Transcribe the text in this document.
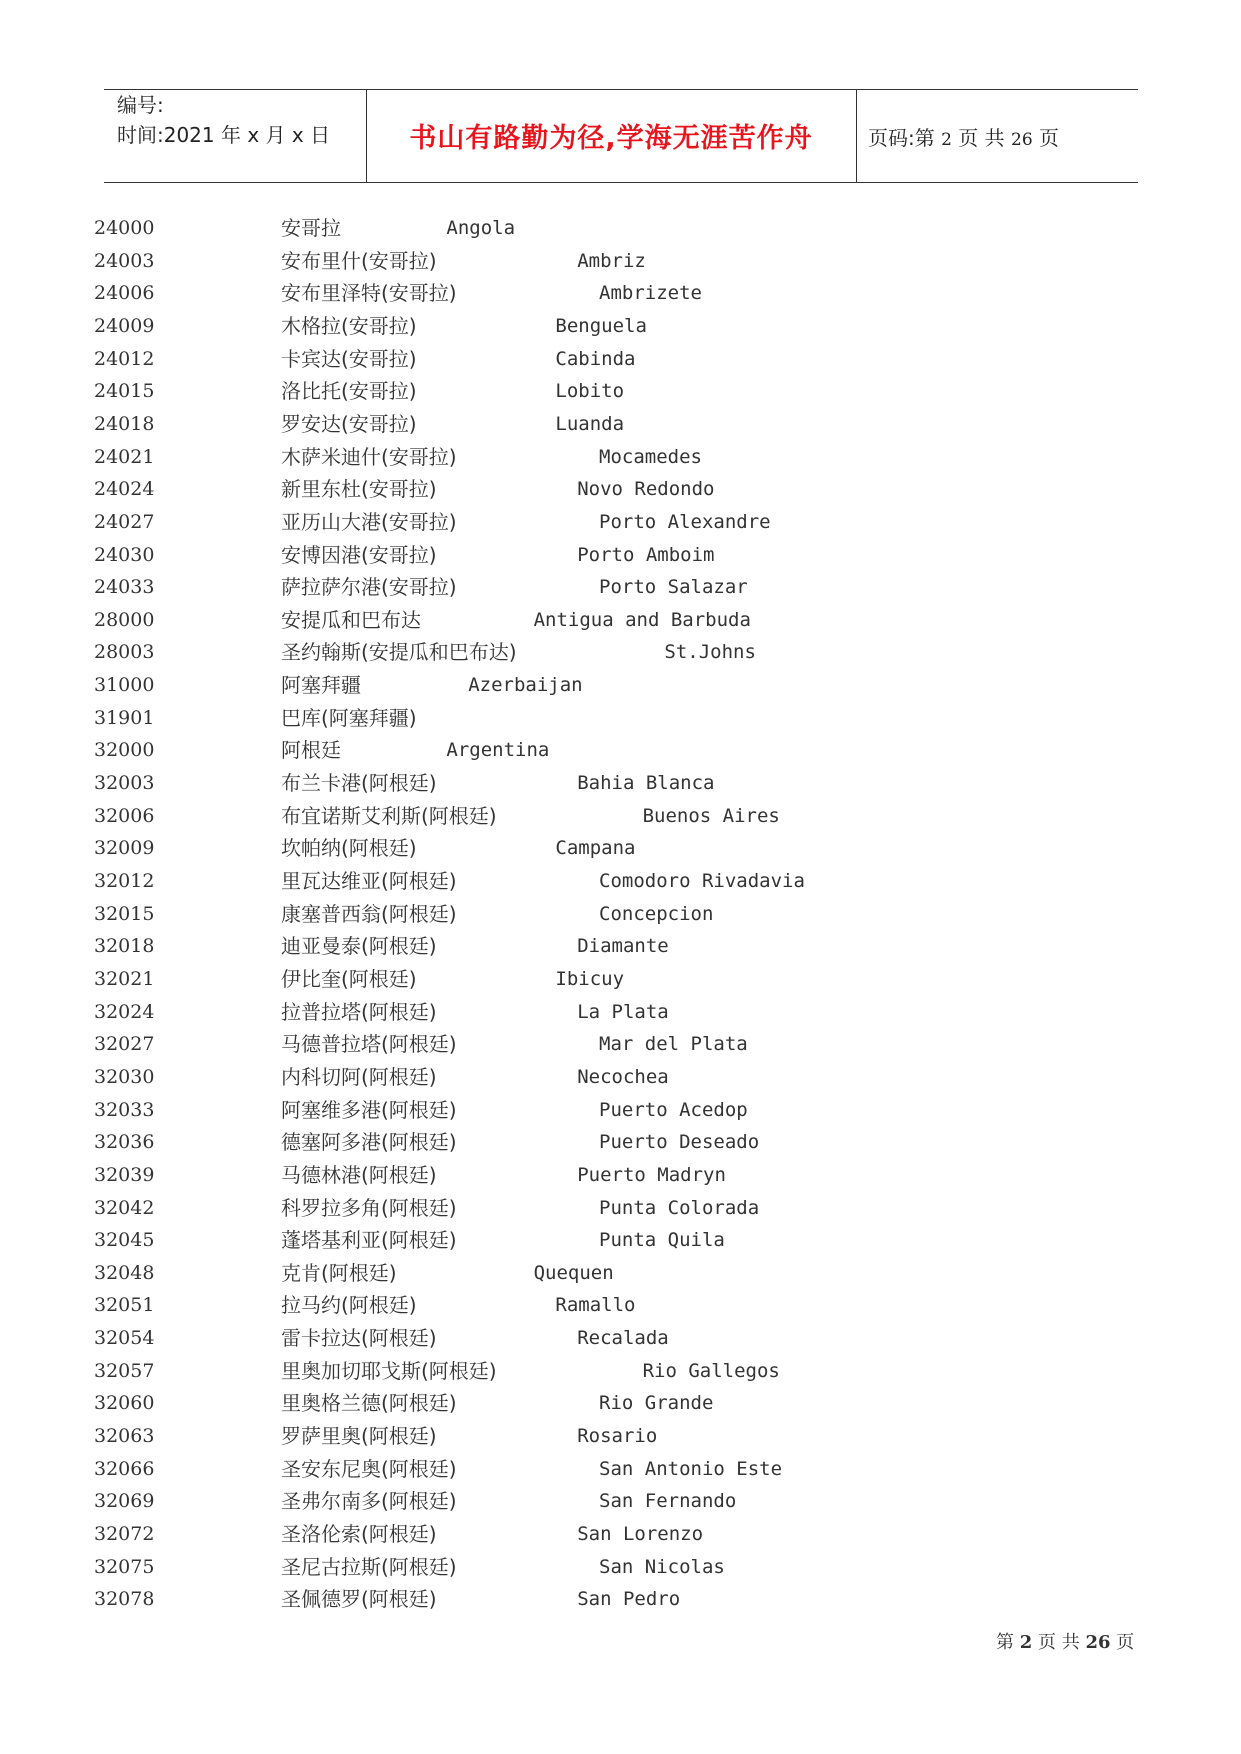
编号:
时间:2021 年 x 月 x 日	书山有路勤为径,学海无涯苦作舟	页码:第 2 页 共 26 页
24000	安哥拉	Angola
24003	安布里什(安哥拉)	Ambriz
24006	安布里泽特(安哥拉)	Ambrizete
24009	木格拉(安哥拉)	Benguela
24012	卡宾达(安哥拉)	Cabinda
24015	洛比托(安哥拉)	Lobito
24018	罗安达(安哥拉)	Luanda
24021	木萨米迪什(安哥拉)	Mocamedes
24024	新里东杜(安哥拉)	Novo Redondo
24027	亚历山大港(安哥拉)	Porto Alexandre
24030	安博因港(安哥拉)	Porto Amboim
24033	萨拉萨尔港(安哥拉)	Porto Salazar
28000	安提瓜和巴布达	Antigua and Barbuda
28003	圣约翰斯(安提瓜和巴布达)	St.Johns
31000	阿塞拜疆	Azerbaijan
31901	巴库(阿塞拜疆)
32000	阿根廷	Argentina
32003	布兰卡港(阿根廷)	Bahia Blanca
32006	布宜诺斯艾利斯(阿根廷)	Buenos Aires
32009	坎帕纳(阿根廷)	Campana
32012	里瓦达维亚(阿根廷)	Comodoro Rivadavia
32015	康塞普西翁(阿根廷)	Concepcion
32018	迪亚曼泰(阿根廷)	Diamante
32021	伊比奎(阿根廷)	Ibicuy
32024	拉普拉塔(阿根廷)	La Plata
32027	马德普拉塔(阿根廷)	Mar del Plata
32030	内科切阿(阿根廷)	Necochea
32033	阿塞维多港(阿根廷)	Puerto Acedop
32036	德塞阿多港(阿根廷)	Puerto Deseado
32039	马德林港(阿根廷)	Puerto Madryn
32042	科罗拉多角(阿根廷)	Punta Colorada
32045	蓬塔基利亚(阿根廷)	Punta Quila
32048	克肯(阿根廷)	Quequen
32051	拉马约(阿根廷)	Ramallo
32054	雷卡拉达(阿根廷)	Recalada
32057	里奥加切耶戈斯(阿根廷)	Rio Gallegos
32060	里奥格兰德(阿根廷)	Rio Grande
32063	罗萨里奥(阿根廷)	Rosario
32066	圣安东尼奥(阿根廷)	San Antonio Este
32069	圣弗尔南多(阿根廷)	San Fernando
32072	圣洛伦索(阿根廷)	San Lorenzo
32075	圣尼古拉斯(阿根廷)	San Nicolas
32078	圣佩德罗(阿根廷)	San Pedro
第 2 页 共 26 页
